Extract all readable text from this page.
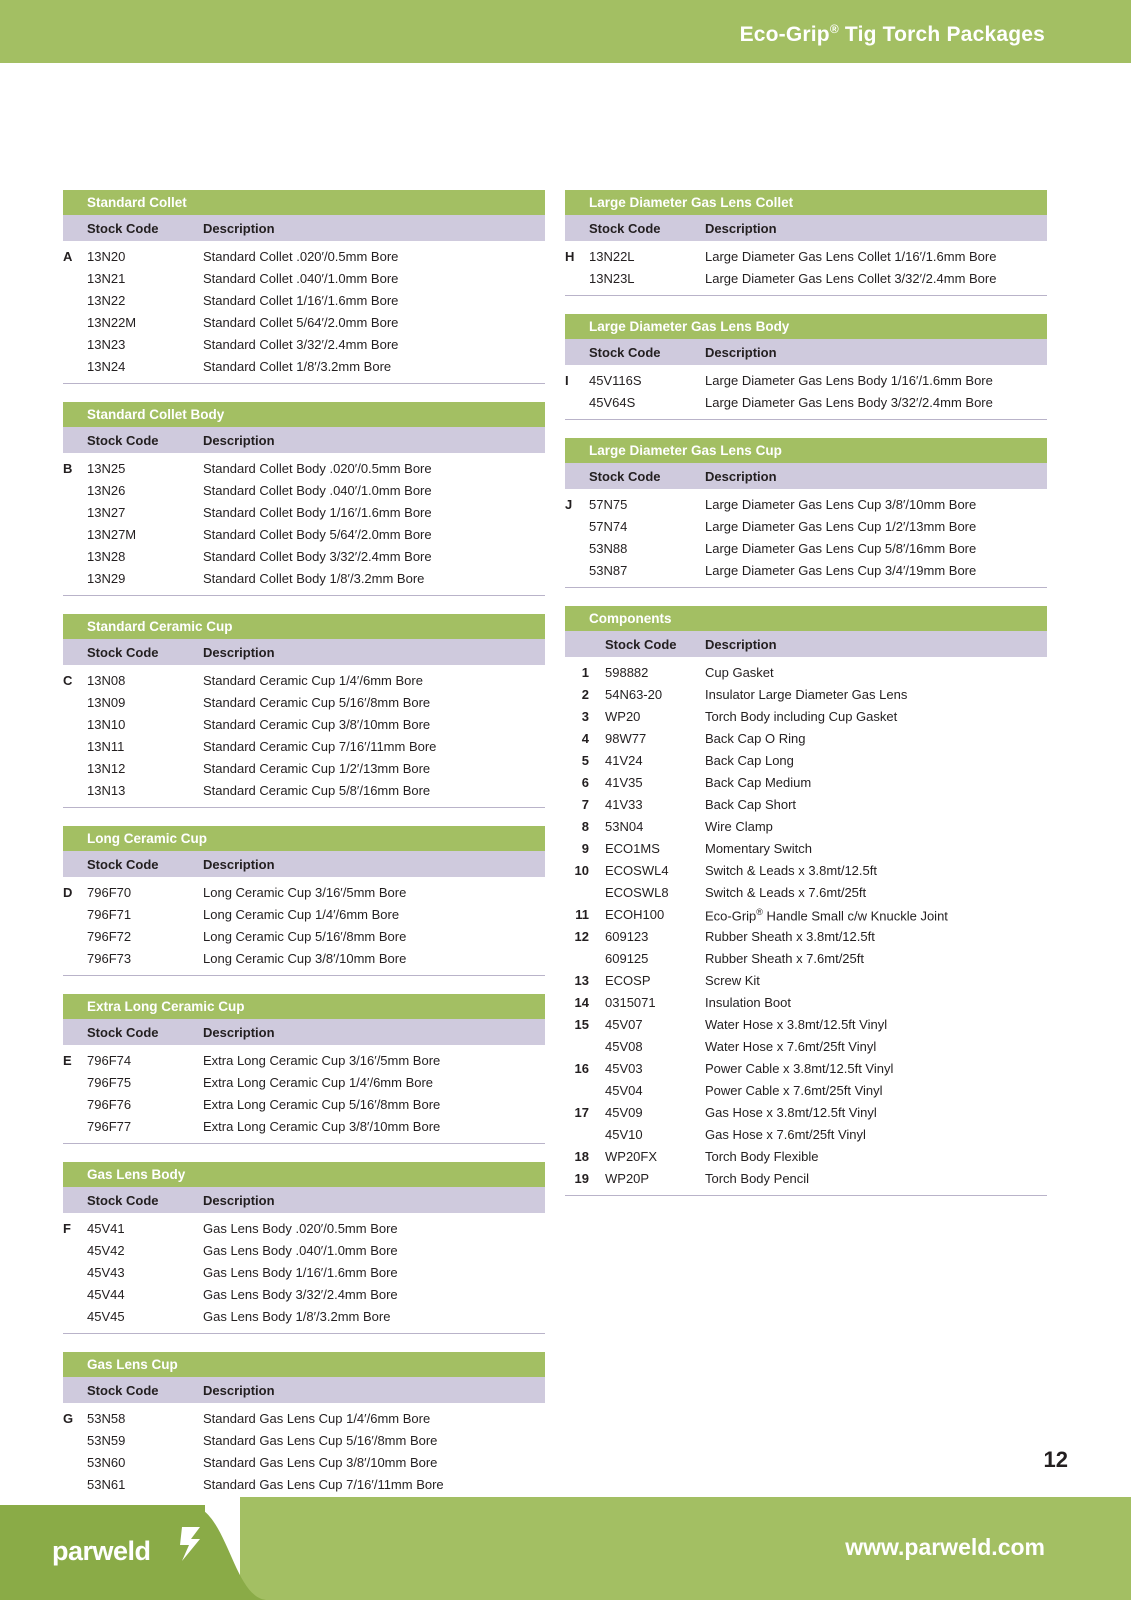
Eco-Grip® Tig Torch Packages
Standard Collet
Stock Code	Description
A	13N20	Standard Collet .020′/0.5mm Bore
13N21	Standard Collet .040′/1.0mm Bore
13N22	Standard Collet 1/16′/1.6mm Bore
13N22M	Standard Collet 5/64′/2.0mm Bore
13N23	Standard Collet 3/32′/2.4mm Bore
13N24	Standard Collet 1/8′/3.2mm Bore
Standard Collet Body
Stock Code	Description
B	13N25	Standard Collet Body .020′/0.5mm Bore
13N26	Standard Collet Body .040′/1.0mm Bore
13N27	Standard Collet Body 1/16′/1.6mm Bore
13N27M	Standard Collet Body 5/64′/2.0mm Bore
13N28	Standard Collet Body 3/32′/2.4mm Bore
13N29	Standard Collet Body 1/8′/3.2mm Bore
Standard Ceramic Cup
Stock Code	Description
C	13N08	Standard Ceramic Cup 1/4′/6mm Bore
13N09	Standard Ceramic Cup 5/16′/8mm Bore
13N10	Standard Ceramic Cup 3/8′/10mm Bore
13N11	Standard Ceramic Cup 7/16′/11mm Bore
13N12	Standard Ceramic Cup 1/2′/13mm Bore
13N13	Standard Ceramic Cup 5/8′/16mm Bore
Long Ceramic Cup
Stock Code	Description
D	796F70	Long Ceramic Cup 3/16′/5mm Bore
796F71	Long Ceramic Cup 1/4′/6mm Bore
796F72	Long Ceramic Cup 5/16′/8mm Bore
796F73	Long Ceramic Cup 3/8′/10mm Bore
Extra Long Ceramic Cup
Stock Code	Description
E	796F74	Extra Long Ceramic Cup 3/16′/5mm Bore
796F75	Extra Long Ceramic Cup 1/4′/6mm Bore
796F76	Extra Long Ceramic Cup 5/16′/8mm Bore
796F77	Extra Long Ceramic Cup 3/8′/10mm Bore
Gas Lens Body
Stock Code	Description
F	45V41	Gas Lens Body .020′/0.5mm Bore
45V42	Gas Lens Body .040′/1.0mm Bore
45V43	Gas Lens Body 1/16′/1.6mm Bore
45V44	Gas Lens Body 3/32′/2.4mm Bore
45V45	Gas Lens Body 1/8′/3.2mm Bore
Gas Lens Cup
Stock Code	Description
G	53N58	Standard Gas Lens Cup 1/4′/6mm Bore
53N59	Standard Gas Lens Cup 5/16′/8mm Bore
53N60	Standard Gas Lens Cup 3/8′/10mm Bore
53N61	Standard Gas Lens Cup 7/16′/11mm Bore
Large Diameter Gas Lens Collet
Stock Code	Description
H	13N22L	Large Diameter Gas Lens Collet 1/16′/1.6mm Bore
13N23L	Large Diameter Gas Lens Collet 3/32′/2.4mm Bore
Large Diameter Gas Lens Body
Stock Code	Description
I	45V116S	Large Diameter Gas Lens Body 1/16′/1.6mm Bore
45V64S	Large Diameter Gas Lens Body 3/32′/2.4mm Bore
Large Diameter Gas Lens Cup
Stock Code	Description
J	57N75	Large Diameter Gas Lens Cup 3/8′/10mm Bore
57N74	Large Diameter Gas Lens Cup 1/2′/13mm Bore
53N88	Large Diameter Gas Lens Cup 5/8′/16mm Bore
53N87	Large Diameter Gas Lens Cup 3/4′/19mm Bore
Components
Stock Code Description
1 598882	Cup Gasket
2 54N63-20	Insulator Large Diameter Gas Lens
3 WP20	Torch Body including Cup Gasket
4 98W77	Back Cap O Ring
5 41V24	Back Cap Long
6 41V35	Back Cap Medium
7 41V33	Back Cap Short
8 53N04	Wire Clamp
9 ECO1MS	Momentary Switch
10 ECOSWL4	Switch & Leads x 3.8mt/12.5ft
ECOSWL8	Switch & Leads x 7.6mt/25ft
11 ECOH100	Eco-Grip® Handle Small c/w Knuckle Joint
12 609123	Rubber Sheath x 3.8mt/12.5ft
609125	Rubber Sheath x 7.6mt/25ft
13 ECOSP	Screw Kit
14 0315071	Insulation Boot
15 45V07	Water Hose x 3.8mt/12.5ft Vinyl
45V08	Water Hose x 7.6mt/25ft Vinyl
16 45V03	Power Cable x 3.8mt/12.5ft Vinyl
45V04	Power Cable x 7.6mt/25ft Vinyl
17 45V09	Gas Hose x 3.8mt/12.5ft Vinyl
45V10	Gas Hose x 7.6mt/25ft Vinyl
18 WP20FX	Torch Body Flexible
19 WP20P	Torch Body Pencil
12
parweld	www.parweld.com
